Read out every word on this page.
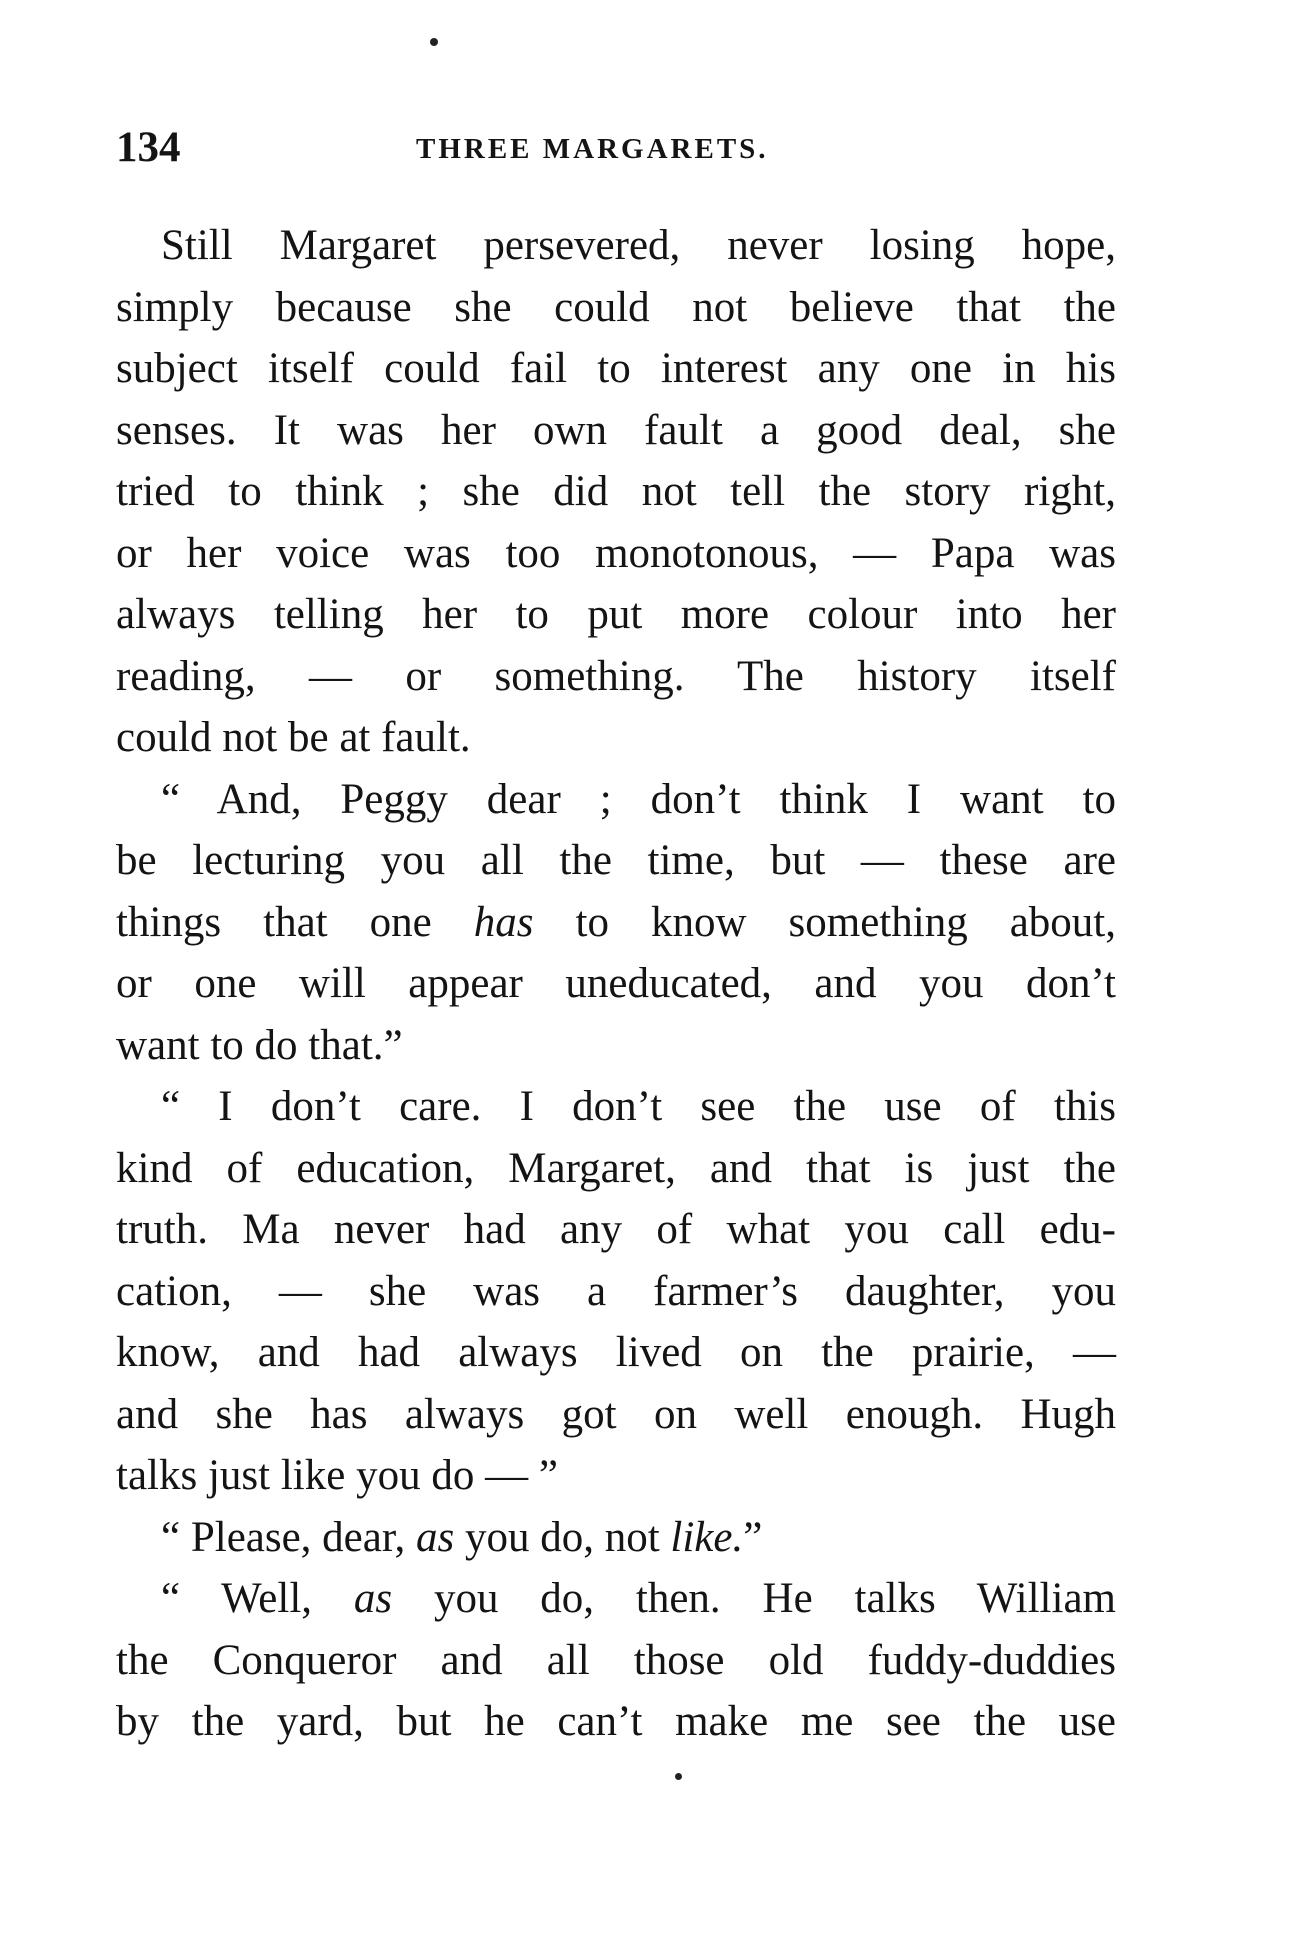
134	THREE MARGARETS.
Still Margaret persevered, never losing hope,
simply because she could not believe that the
subject itself could fail to interest any one in his
senses. It was her own fault a good deal, she
tried to think ; she did not tell the story right,
or her voice was too monotonous, — Papa was
always telling her to put more colour into her
reading, — or something. The history itself
could not be at fault.
“ And, Peggy dear ; don’t think I want to
be lecturing you all the time, but — these are
things that one has to know something about,
or one will appear uneducated, and you don’t
want to do that.”
“ I don’t care. I don’t see the use of this
kind of education, Margaret, and that is just the
truth. Ma never had any of what you call edu-
cation, — she was a farmer’s daughter, you
know, and had always lived on the prairie, —
and she has always got on well enough. Hugh
talks just like you do — ”
“ Please, dear, as you do, not like.”
“ Well, as you do, then. He talks William
the Conqueror and all those old fuddy-duddies
by the yard, but he can’t make me see the use
